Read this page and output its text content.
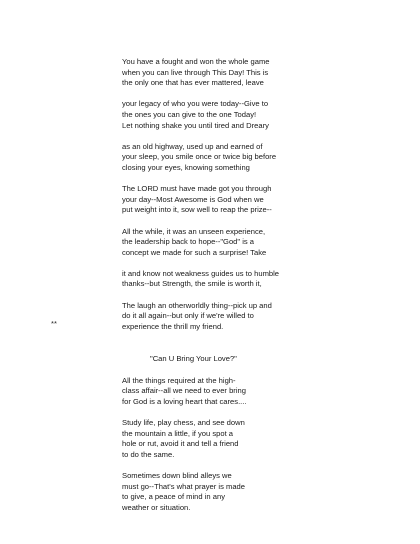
You have a fought and won the whole game
when you can live through This Day! This is
the only one that has ever mattered, leave
your legacy of who you were today--Give to
the ones you can give to the one Today!
Let nothing shake you until tired and Dreary
as an old highway, used up and earned of
your sleep, you smile once or twice big before
closing your eyes, knowing something
The LORD must have made got you through
your day--Most Awesome is God when we
put weight into it, sow well to reap the prize--
All the while, it was an unseen experience,
the leadership back to hope--"God" is a
concept we made for such a surprise! Take
it and know not weakness guides us to humble
thanks--but Strength, the smile is worth it,
The laugh an otherworldly thing--pick up and
do it all again--but only if we're willed to
experience the thrill my friend.
"Can U Bring Your Love?"
All the things required at the high-
class affair--all we need to ever bring
for God is a loving heart that cares....
Study life, play chess, and see down
the mountain a little, if you spot a
hole or rut, avoid it and tell a friend
to do the same.
Sometimes down blind alleys we
must go--That's what prayer is made
to give, a peace of mind in any
weather or situation.
**
